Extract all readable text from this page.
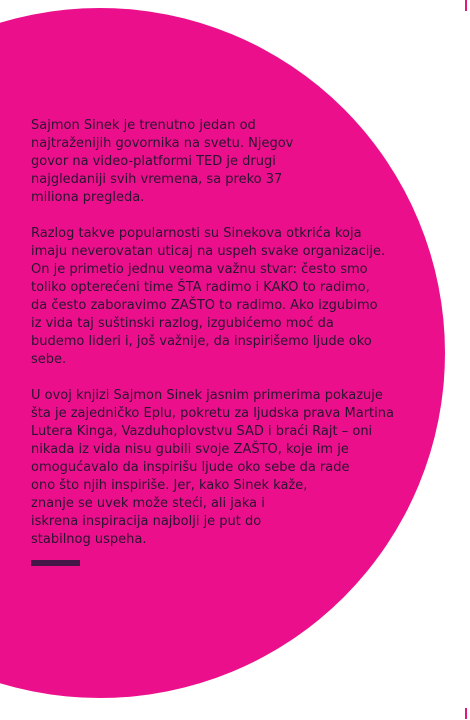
Sajmon Sinek je trenutno jedan od
najtraženijih govornika na svetu. Njegov
govor na video-platformi TED je drugi
najgledaniji svih vremena, sa preko 37
miliona pregleda.

Razlog takve popularnosti su Sinekova otkrića koja
imaju neverovatan uticaj na uspeh svake organizacije.
On je primetio jednu veoma važnu stvar: često smo
toliko opterećeni time ŠTA radimo i KAKO to radimo,
da često zaboravimo ZAŠTO to radimo. Ako izgubimo
iz vida taj suštinski razlog, izgubićemo moć da
budemo lideri i, još važnije, da inspirišemo ljude oko
sebe.

U ovoj knjizi Sajmon Sinek jasnim primerima pokazuje
šta je zajedničko Eplu, pokretu za ljudska prava Martina
Lutera Kinga, Vazduhoplovstvu SAD i braći Rajt – oni
nikada iz vida nisu gubili svoje ZAŠTO, koje im je
omogućavalo da inspirišu ljude oko sebe da rade
ono što njih inspiriše. Jer, kako Sinek kaže,
znanje se uvek može steći, ali jaka i
iskrena inspiracija najbolji je put do
stabilnog uspeha.
